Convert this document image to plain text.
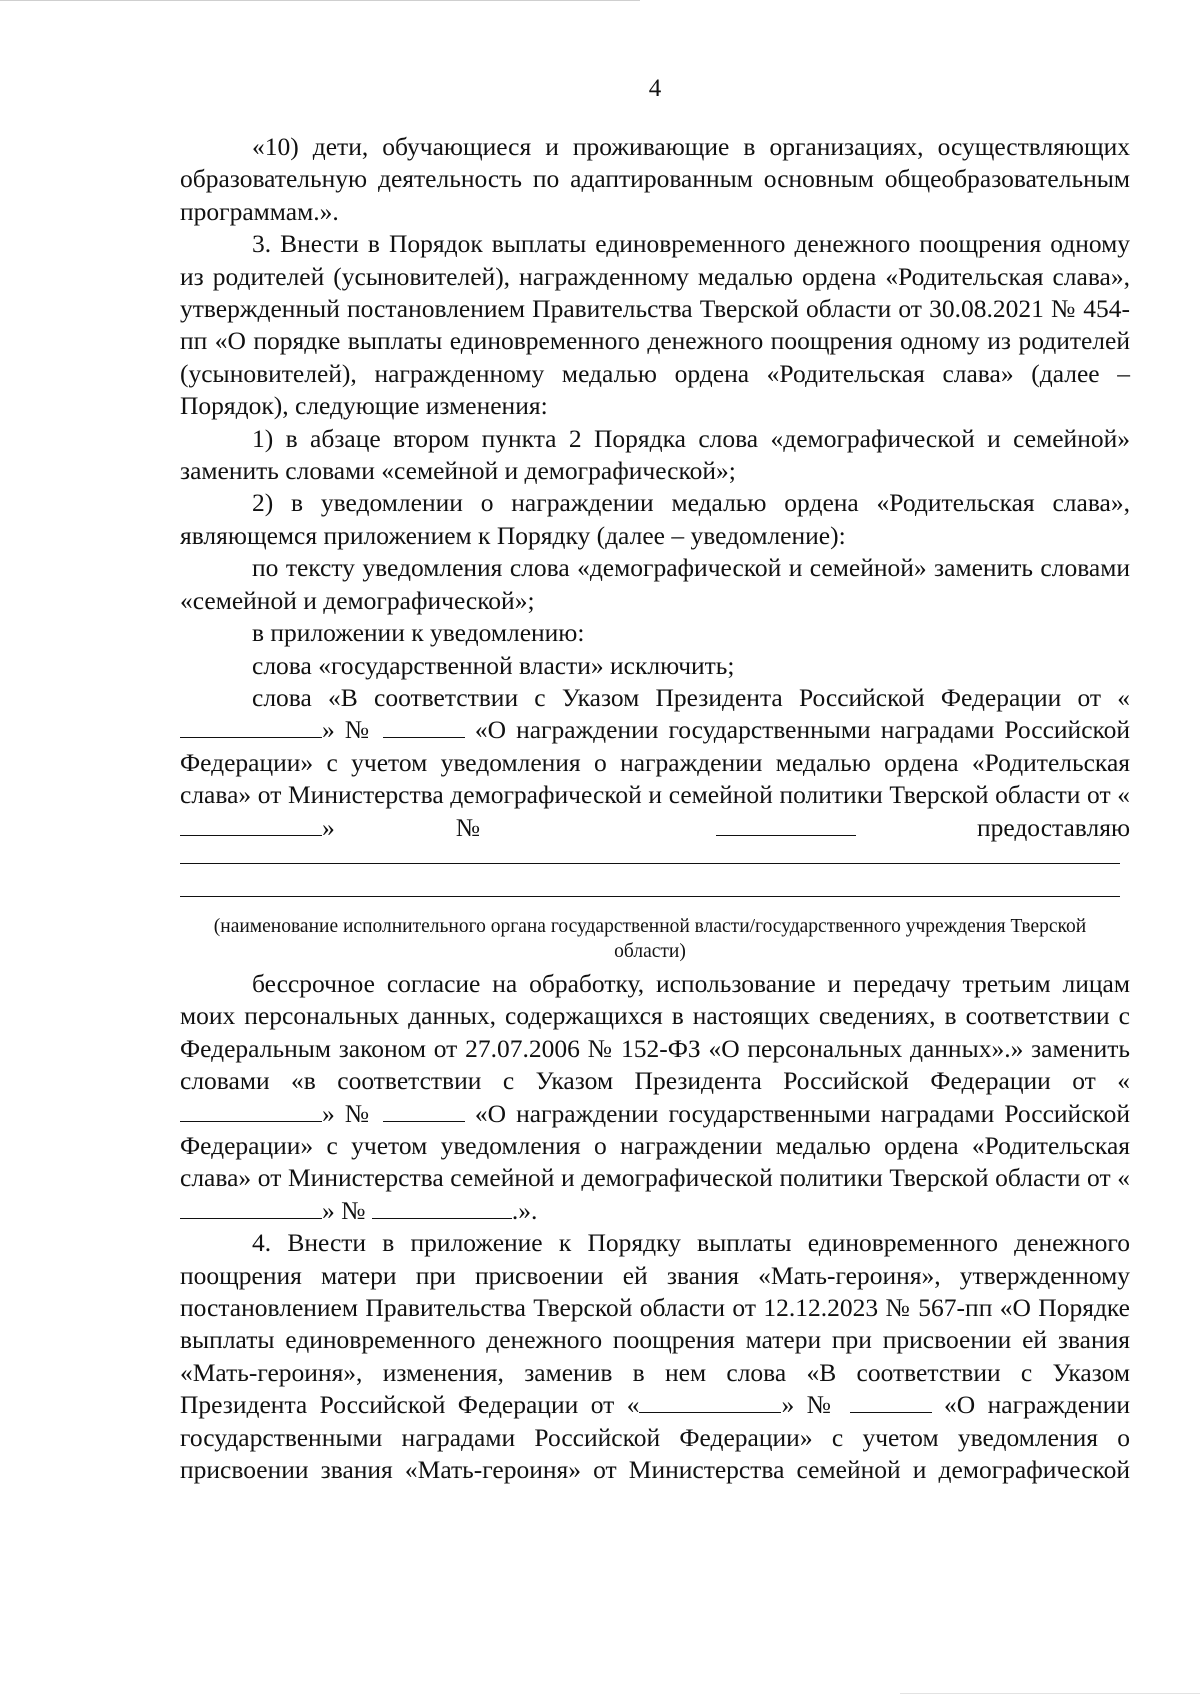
4

«10) дети, обучающиеся и проживающие в организациях, осуществляющих образовательную деятельность по адаптированным основным общеобразовательным программам.».

3. Внести в Порядок выплаты единовременного денежного поощрения одному из родителей (усыновителей), награжденному медалью ордена «Родительская слава», утвержденный постановлением Правительства Тверской области от 30.08.2021 № 454-пп «О порядке выплаты единовременного денежного поощрения одному из родителей (усыновителей), награжденному медалью ордена «Родительская слава» (далее – Порядок), следующие изменения:

1) в абзаце втором пункта 2 Порядка слова «демографической и семейной» заменить словами «семейной и демографической»;

2) в уведомлении о награждении медалью ордена «Родительская слава», являющемся приложением к Порядку (далее – уведомление):

по тексту уведомления слова «демографической и семейной» заменить словами «семейной и демографической»;

в приложении к уведомлению:

слова «государственной власти» исключить;

слова «В соответствии с Указом Президента Российской Федерации от «» №	«О награждении государственными наградами Российской Федерации» с учетом уведомления о награждении медалью ордена «Родительская слава» от Министерства демографической и семейной политики Тверской области от «» №	предоставляю

(наименование исполнительного органа государственной власти/государственного учреждения Тверской области)

бессрочное согласие на обработку, использование и передачу третьим лицам моих персональных данных, содержащихся в настоящих сведениях, в соответствии с Федеральным законом от 27.07.2006 № 152-ФЗ «О персональных данных».» заменить словами «в соответствии с Указом Президента Российской Федерации от «» №	«О награждении государственными наградами Российской Федерации» с учетом уведомления о награждении медалью ордена «Родительская слава» от Министерства семейной и демографической политики Тверской области от «» №	.».

4. Внести в приложение к Порядку выплаты единовременного денежного поощрения матери при присвоении ей звания «Мать-героиня», утвержденному постановлением Правительства Тверской области от 12.12.2023 № 567-пп «О Порядке выплаты единовременного денежного поощрения матери при присвоении ей звания «Мать-героиня», изменения, заменив в нем слова «В соответствии с Указом Президента Российской Федерации от «	» №	«О награждении государственными наградами Российской Федерации» с учетом уведомления о присвоении звания «Мать-героиня» от Министерства семейной и демографической
